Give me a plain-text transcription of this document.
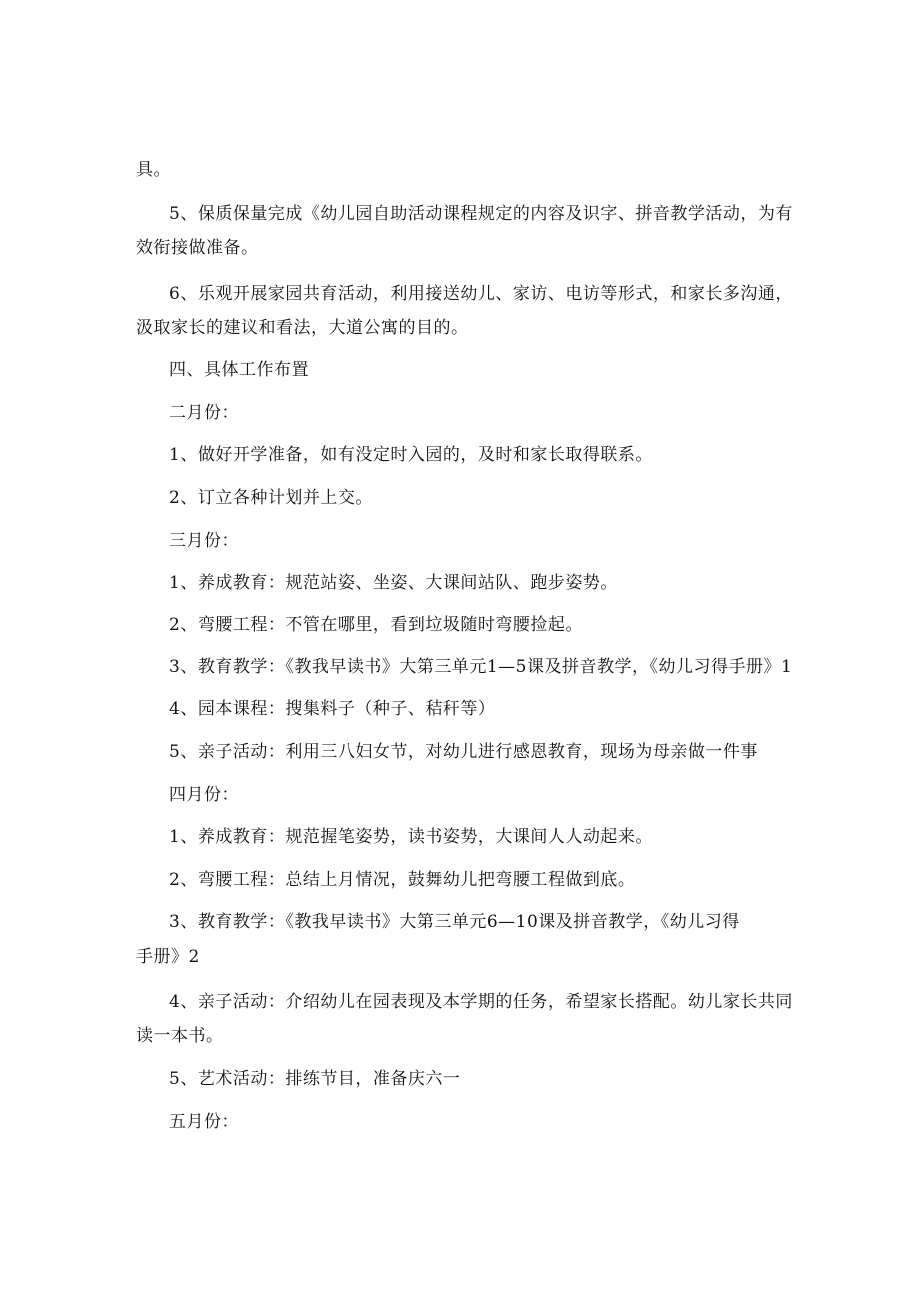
具。
5、保质保量完成《幼儿园自助活动课程规定的内容及识字、拼音教学活动，为有
效衔接做准备。
6、乐观开展家园共育活动，利用接送幼儿、家访、电访等形式，和家长多沟通，
汲取家长的建议和看法，大道公寓的目的。
四、具体工作布置
二月份：
1、做好开学准备，如有没定时入园的，及时和家长取得联系。
2、订立各种计划并上交。
三月份：
1、养成教育：规范站姿、坐姿、大课间站队、跑步姿势。
2、弯腰工程：不管在哪里，看到垃圾随时弯腰捡起。
3、教育教学：《教我早读书》大第三单元1—5课及拼音教学，《幼儿习得手册》1
4、园本课程：搜集料子（种子、秸秆等）
5、亲子活动：利用三八妇女节，对幼儿进行感恩教育，现场为母亲做一件事
四月份：
1、养成教育：规范握笔姿势，读书姿势，大课间人人动起来。
2、弯腰工程：总结上月情况，鼓舞幼儿把弯腰工程做到底。
3、教育教学：《教我早读书》大第三单元6—10课及拼音教学，《幼儿习得
手册》2
4、亲子活动：介绍幼儿在园表现及本学期的任务，希望家长搭配。幼儿家长共同
读一本书。
5、艺术活动：排练节目，准备庆六一
五月份：
